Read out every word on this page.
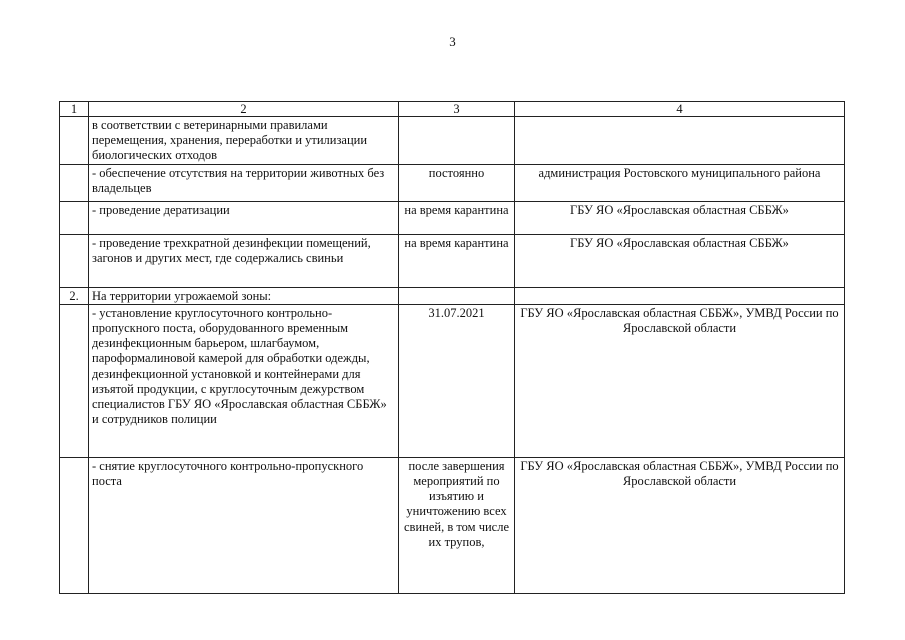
3
1	2	3	4
	в соответствии с ветеринарными правилами перемещения, хранения, переработки и утилизации биологических отходов		
	- обеспечение отсутствия на территории животных без владельцев	постоянно	администрация Ростовского муниципального района
	- проведение дератизации	на время карантина	ГБУ ЯО «Ярославская областная СББЖ»
	- проведение трехкратной дезинфекции помещений, загонов и других мест, где содержались свиньи	на время карантина	ГБУ ЯО «Ярославская областная СББЖ»
2.	На территории угрожаемой зоны:		
	- установление круглосуточного контрольно-пропускного поста, оборудованного временным дезинфекционным барьером, шлагбаумом, пароформалиновой камерой для обработки одежды, дезинфекционной установкой и контейнерами для изъятой продукции, с круглосуточным дежурством специалистов ГБУ ЯО «Ярославская областная СББЖ» и сотрудников полиции	31.07.2021	ГБУ ЯО «Ярославская областная СББЖ», УМВД России по Ярославской области
	- снятие круглосуточного контрольно-пропускного поста	после завершения мероприятий по изъятию и уничтожению всех свиней, в том числе их трупов,	ГБУ ЯО «Ярославская областная СББЖ», УМВД России по Ярославской области
